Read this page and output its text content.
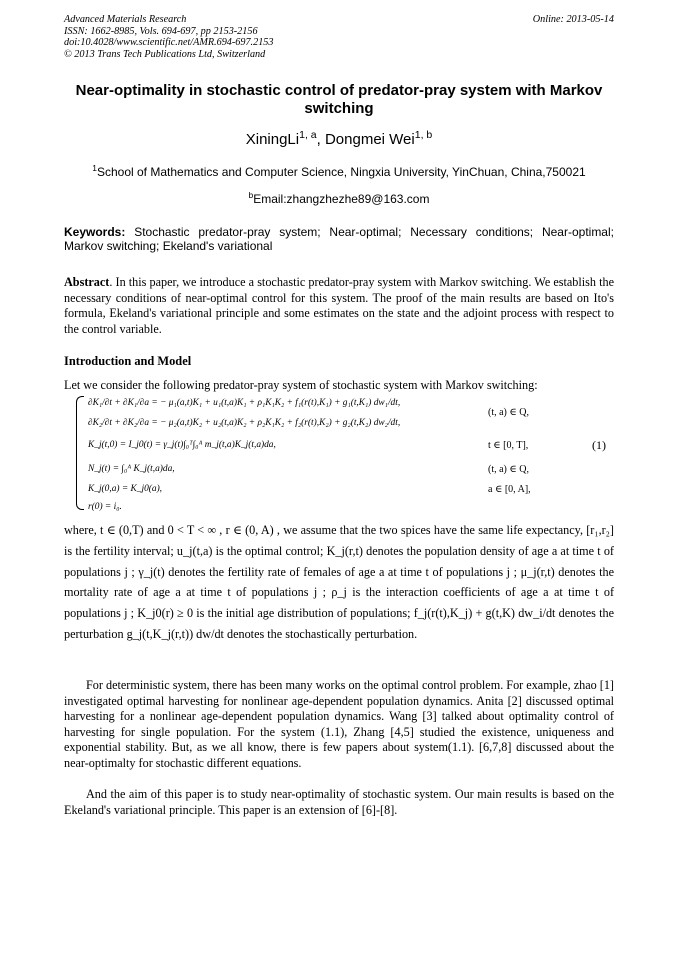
Advanced Materials Research
ISSN: 1662-8985, Vols. 694-697, pp 2153-2156
doi:10.4028/www.scientific.net/AMR.694-697.2153
© 2013 Trans Tech Publications Ltd, Switzerland
Online: 2013-05-14
Near-optimality in stochastic control of predator-pray system with Markov switching
XiningLi$^{1, a}$, Dongmei Wei$^{1, b}$
$^1$School of Mathematics and Computer Science, Ningxia University, YinChuan, China,750021
$^b$Email:zhangzhezhe89@163.com
Keywords: Stochastic predator-pray system; Near-optimal; Necessary conditions; Near-optimal; Markov switching; Ekeland's variational
Abstract. In this paper, we introduce a stochastic predator-pray system with Markov switching. We establish the necessary conditions of near-optimal control for this system. The proof of the main results are based on Ito's formula, Ekeland's variational principle and some estimates on the state and the adjoint process with respect to the control variable.
Introduction and Model
Let we consider the following predator-pray system of stochastic system with Markov switching:
∂K₁/∂t + ∂K₁/∂a = − μ₁(a,t)K₁ + u₁(t,a)K₁ + ρ₁K₁K₂ + f₁(r(t),K₁) + g₁(t,K₁) dw₁/dt,
∂K₂/∂t + ∂K₂/∂a = − μ₂(a,t)K₂ + u₂(t,a)K₂ + ρ₂K₁K₂ + f₂(r(t),K₂) + g₂(t,K₂) dw₂/dt,
K_j(t,0) = I_j0(t) = γ_j(t)∫₀ᵀ∫₀ᴬ m_j(t,a)K_j(t,a)da,
N_j(t) = ∫₀ᴬ K_j(t,a)da,
K_j(0,a) = K_j0(a),
r(0) = i₀.
(t, a) ∈ Q,
t ∈ [0, T],
(t, a) ∈ Q,
a ∈ [0, A],
(1)
where, t ∈ (0,T) and 0 < T < ∞ , r ∈ (0, A) , we assume that the two spices have the same life expectancy, [r₁,r₂] is the fertility interval; u_j(t,a) is the optimal control; K_j(r,t) denotes the population density of age a at time t of populations j ; γ_j(t) denotes the fertility rate of females of age a at time t of populations j ; μ_j(r,t) denotes the mortality rate of age a at time t of populations j ; ρ_j is the interaction coefficients of age a at time t of populations j ; K_j0(r) ≥ 0 is the initial age distribution of populations; f_j(r(t),K_j) + g(t,K) dw_i/dt denotes the perturbation g_j(t,K_j(r,t)) dw/dt denotes the stochastically perturbation.
For deterministic system, there has been many works on the optimal control problem. For example, zhao [1] investigated optimal harvesting for nonlinear age-dependent population dynamics. Anita [2] discussed optimal harvesting for a nonlinear age-dependent population dynamics. Wang [3] talked about optimality control of harvesting for single population. For the system (1.1), Zhang [4,5] studied the existence, uniqueness and exponential stability. But, as we all know, there is few papers about system(1.1). [6,7,8] discussed about the near-optimalty for stochastic different equations.
And the aim of this paper is to study near-optimality of stochastic system. Our main results is based on the Ekeland's variational principle. This paper is an extension of [6]-[8].
